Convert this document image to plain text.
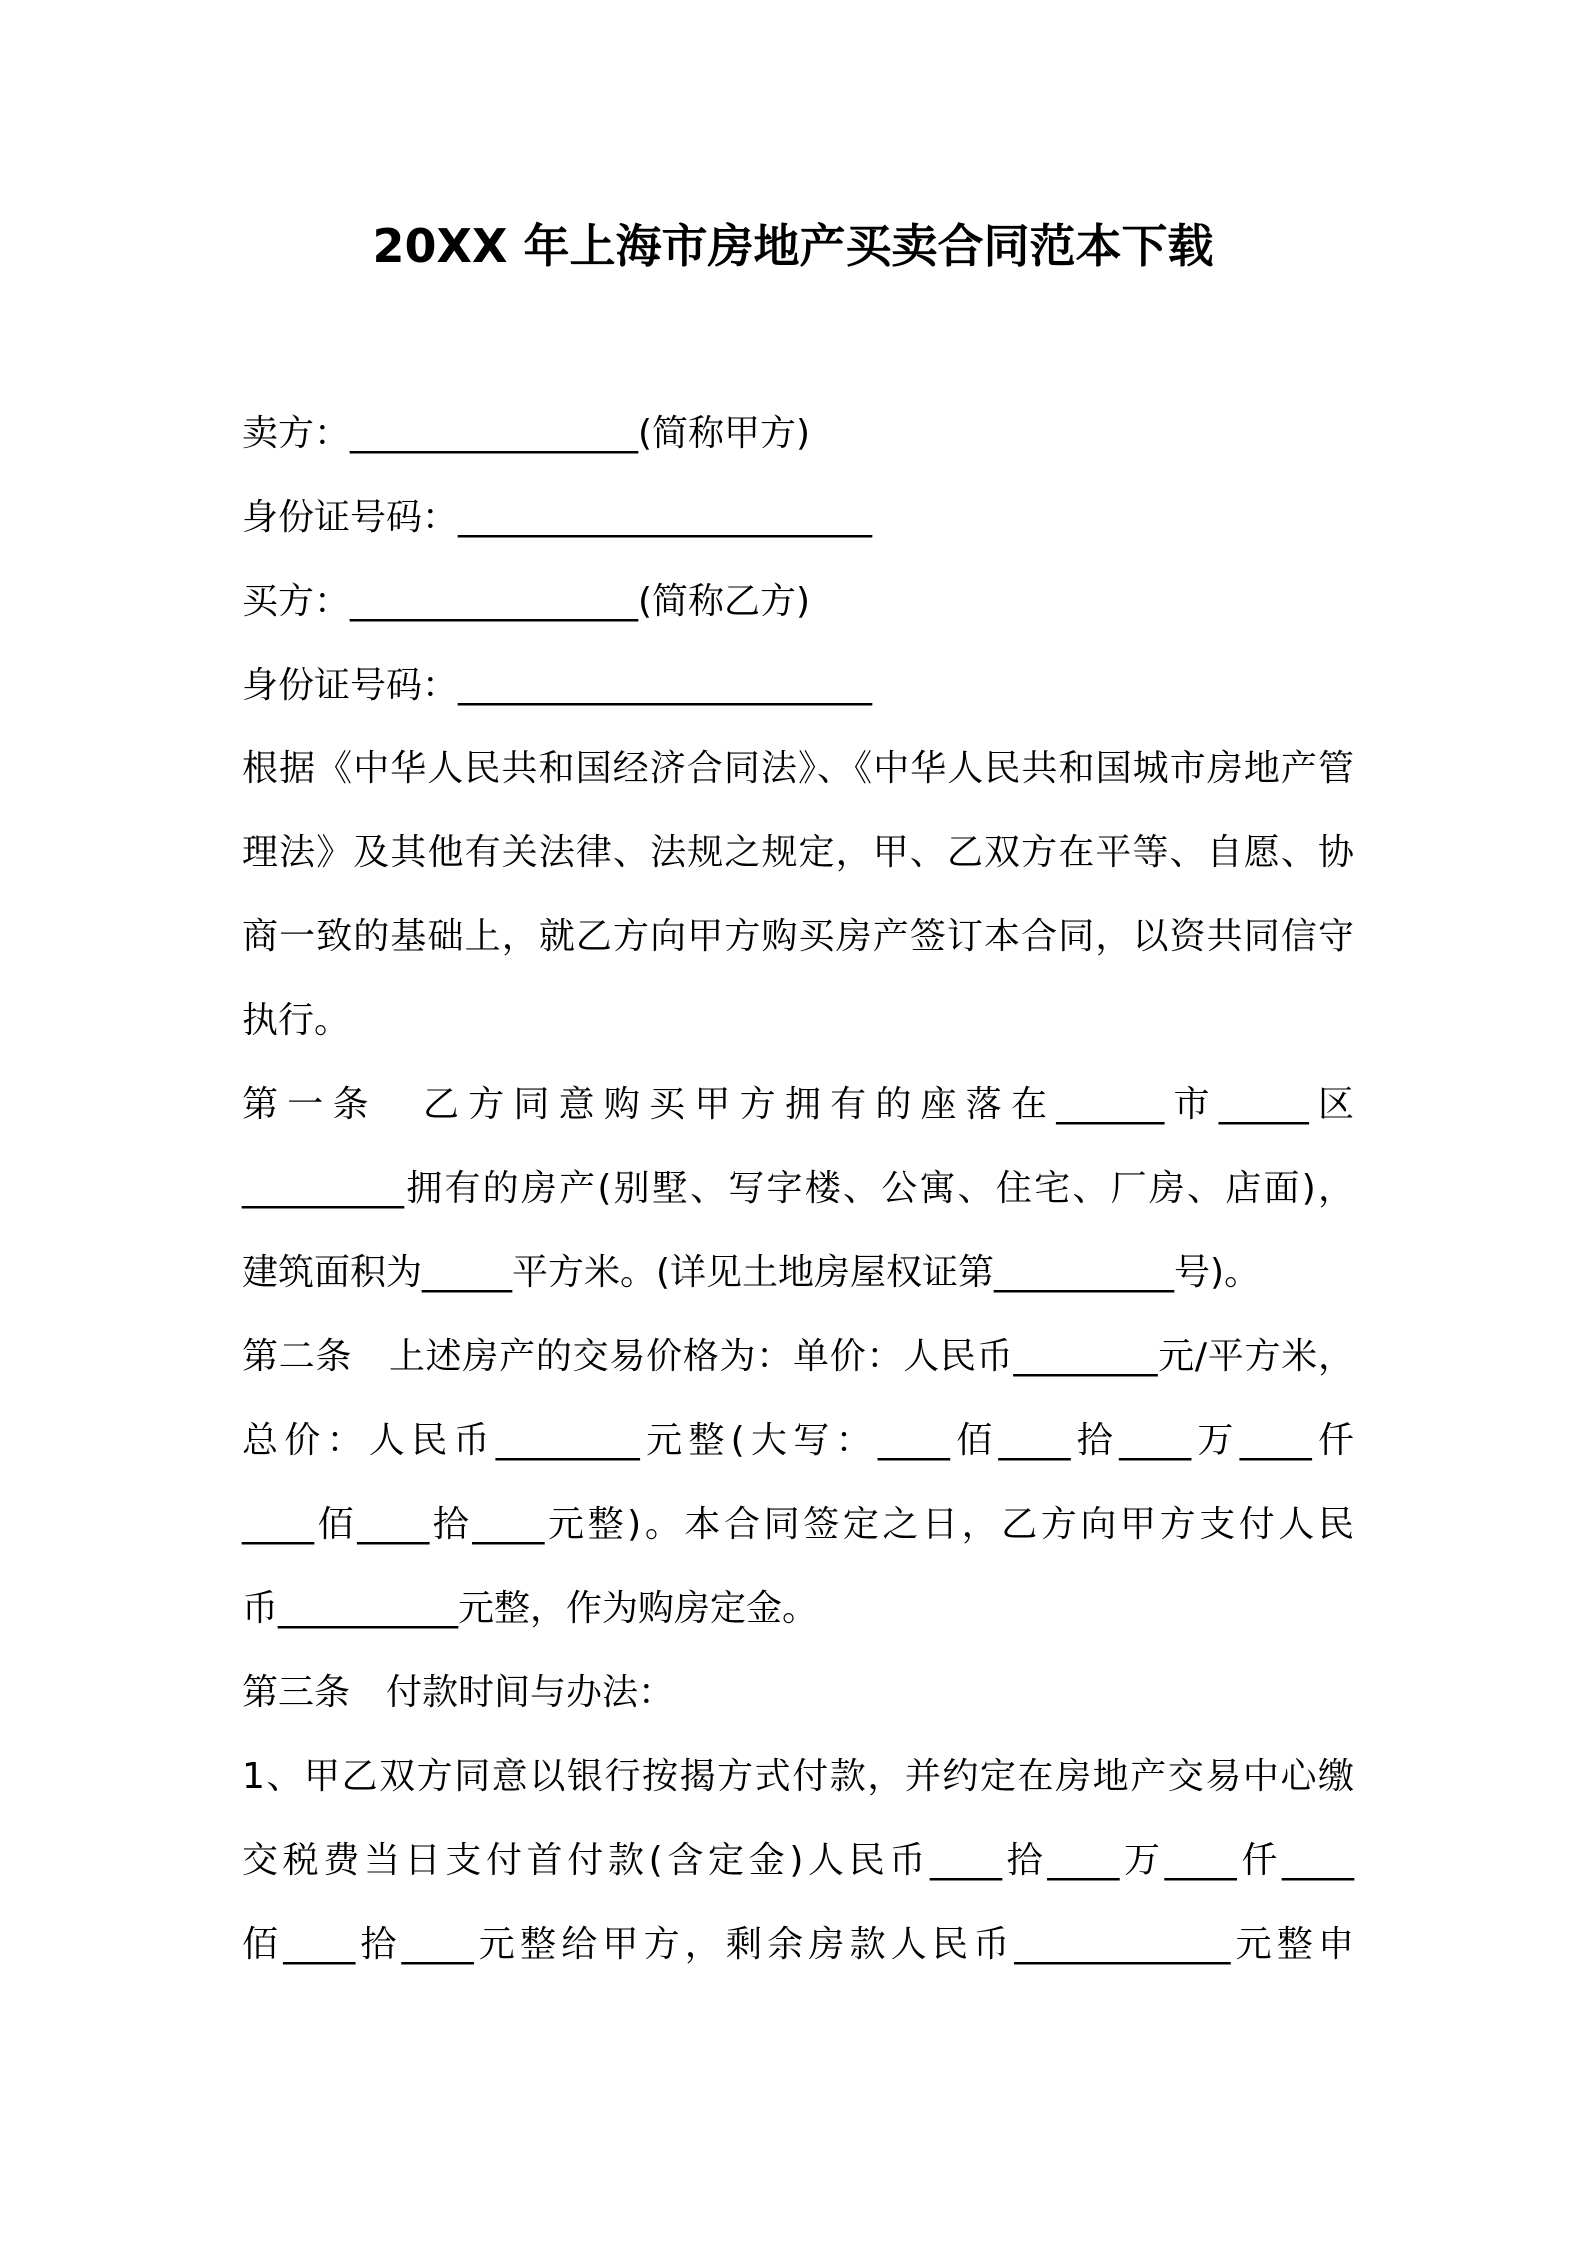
20XX 年上海市房地产买卖合同范本下载
卖方：________________(简称甲方)
身份证号码：_______________________
买方：________________(简称乙方)
身份证号码：_______________________
根据《中华人民共和国经济合同法》、《中华人民共和国城市房地产管
理法》及其他有关法律、法规之规定，甲、乙双方在平等、自愿、协
商一致的基础上，就乙方向甲方购买房产签订本合同，以资共同信守
执行。
第一条　乙方同意购买甲方拥有的座落在______市_____区
_________拥有的房产(别墅、写字楼、公寓、住宅、厂房、店面)，
建筑面积为_____平方米。(详见土地房屋权证第__________号)。
第二条　上述房产的交易价格为：单价：人民币________元/平方米，
总价：人民币________元整(大写：____佰____拾____万____仟
____佰____拾____元整)。本合同签定之日，乙方向甲方支付人民
币__________元整，作为购房定金。
第三条　付款时间与办法：
1、甲乙双方同意以银行按揭方式付款，并约定在房地产交易中心缴
交税费当日支付首付款(含定金)人民币____拾____万____仟____
佰____拾____元整给甲方，剩余房款人民币____________元整申
